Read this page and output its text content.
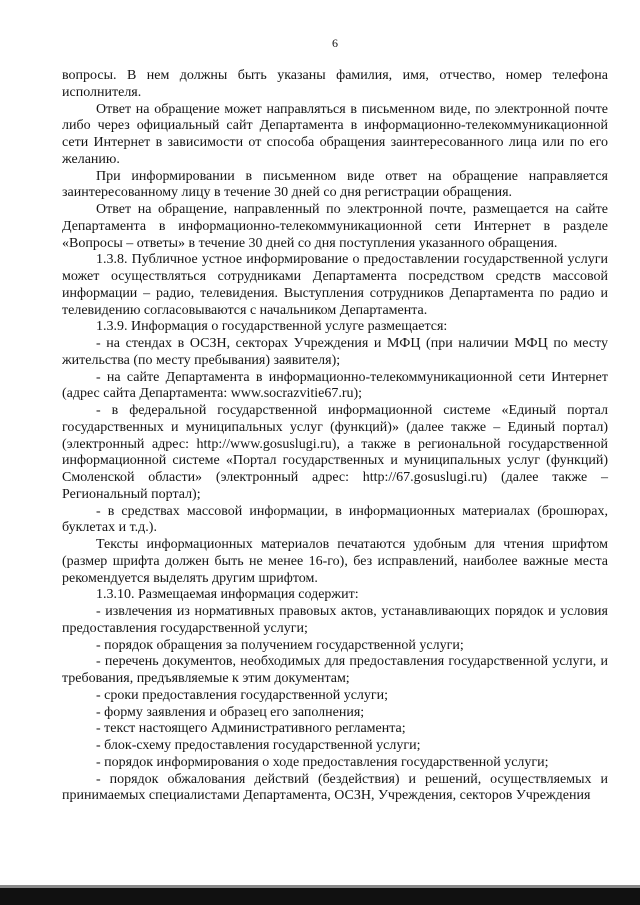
6

вопросы. В нем должны быть указаны фамилия, имя, отчество, номер телефона исполнителя.

Ответ на обращение может направляться в письменном виде, по электронной почте либо через официальный сайт Департамента в информационно-телекоммуникационной сети Интернет в зависимости от способа обращения заинтересованного лица или по его желанию.

При информировании в письменном виде ответ на обращение направляется заинтересованному лицу в течение 30 дней со дня регистрации обращения.

Ответ на обращение, направленный по электронной почте, размещается на сайте Департамента в информационно-телекоммуникационной сети Интернет в разделе «Вопросы – ответы» в течение 30 дней со дня поступления указанного обращения.

1.3.8. Публичное устное информирование о предоставлении государственной услуги может осуществляться сотрудниками Департамента посредством средств массовой информации – радио, телевидения. Выступления сотрудников Департамента по радио и телевидению согласовываются с начальником Департамента.

1.3.9. Информация о государственной услуге размещается:

- на стендах в ОСЗН, секторах Учреждения и МФЦ (при наличии МФЦ по месту жительства (по месту пребывания) заявителя);

- на сайте Департамента в информационно-телекоммуникационной сети Интернет (адрес сайта Департамента: www.socrazvitie67.ru);

- в федеральной государственной информационной системе «Единый портал государственных и муниципальных услуг (функций)» (далее также – Единый портал) (электронный адрес: http://www.gosuslugi.ru), а также в региональной государственной информационной системе «Портал государственных и муниципальных услуг (функций) Смоленской области» (электронный адрес: http://67.gosuslugi.ru) (далее также – Региональный портал);

- в средствах массовой информации, в информационных материалах (брошюрах, буклетах и т.д.).

Тексты информационных материалов печатаются удобным для чтения шрифтом (размер шрифта должен быть не менее 16-го), без исправлений, наиболее важные места рекомендуется выделять другим шрифтом.

1.3.10. Размещаемая информация содержит:

- извлечения из нормативных правовых актов, устанавливающих порядок и условия предоставления государственной услуги;

- порядок обращения за получением государственной услуги;

- перечень документов, необходимых для предоставления государственной услуги, и требования, предъявляемые к этим документам;

- сроки предоставления государственной услуги;

- форму заявления и образец его заполнения;

- текст настоящего Административного регламента;

- блок-схему предоставления государственной услуги;

- порядок информирования о ходе предоставления государственной услуги;

- порядок обжалования действий (бездействия) и решений, осуществляемых и принимаемых специалистами Департамента, ОСЗН, Учреждения, секторов Учреждения
